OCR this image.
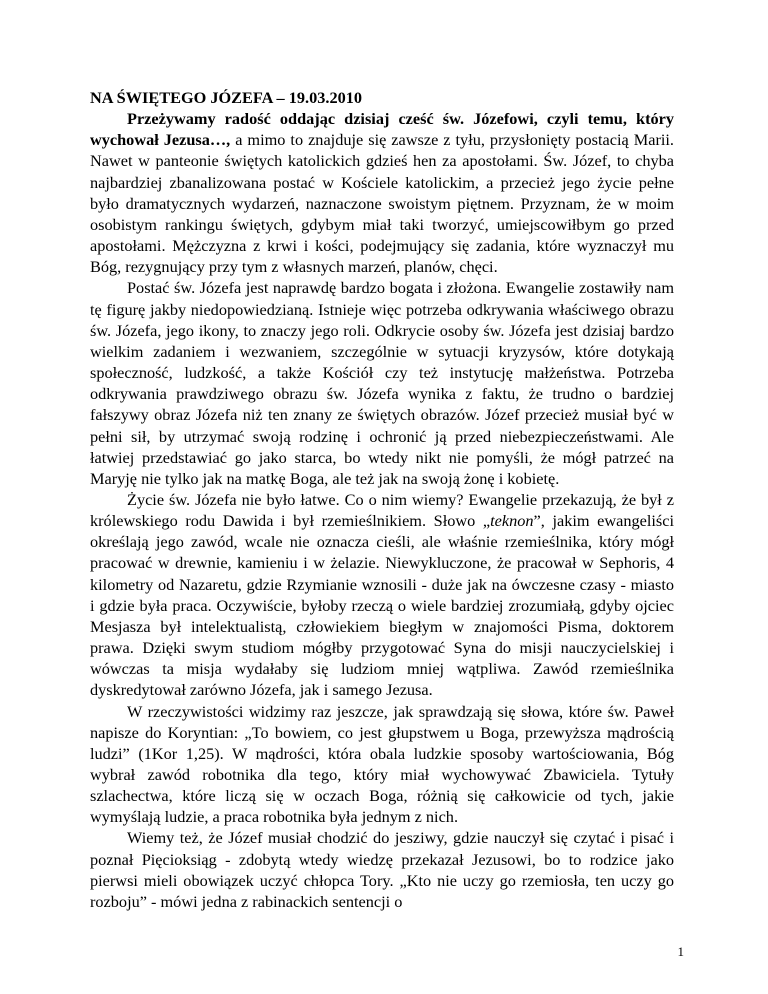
NA ŚWIĘTEGO JÓZEFA – 19.03.2010

Przeżywamy radość oddając dzisiaj cześć św. Józefowi, czyli temu, który wychował Jezusa…, a mimo to znajduje się zawsze z tyłu, przysłonięty postacią Marii. Nawet w panteonie świętych katolickich gdzieś hen za apostołami. Św. Józef, to chyba najbardziej zbanalizowana postać w Kościele katolickim, a przecież jego życie pełne było dramatycznych wydarzeń, naznaczone swoistym piętnem. Przyznam, że w moim osobistym rankingu świętych, gdybym miał taki tworzyć, umiejscowiłbym go przed apostołami. Mężczyzna z krwi i kości, podejmujący się zadania, które wyznaczył mu Bóg, rezygnujący przy tym z własnych marzeń, planów, chęci.

Postać św. Józefa jest naprawdę bardzo bogata i złożona. Ewangelie zostawiły nam tę figurę jakby niedopowiedzianą. Istnieje więc potrzeba odkrywania właściwego obrazu św. Józefa, jego ikony, to znaczy jego roli. Odkrycie osoby św. Józefa jest dzisiaj bardzo wielkim zadaniem i wezwaniem, szczególnie w sytuacji kryzysów, które dotykają społeczność, ludzkość, a także Kościół czy też instytucję małżeństwa. Potrzeba odkrywania prawdziwego obrazu św. Józefa wynika z faktu, że trudno o bardziej fałszywy obraz Józefa niż ten znany ze świętych obrazów. Józef przecież musiał być w pełni sił, by utrzymać swoją rodzinę i ochronić ją przed niebezpieczeństwami. Ale łatwiej przedstawiać go jako starca, bo wtedy nikt nie pomyśli, że mógł patrzeć na Maryję nie tylko jak na matkę Boga, ale też jak na swoją żonę i kobietę.

Życie św. Józefa nie było łatwe. Co o nim wiemy? Ewangelie przekazują, że był z królewskiego rodu Dawida i był rzemieślnikiem. Słowo „teknon”, jakim ewangeliści określają jego zawód, wcale nie oznacza cieśli, ale właśnie rzemieślnika, który mógł pracować w drewnie, kamieniu i w żelazie. Niewykluczone, że pracował w Sephoris, 4 kilometry od Nazaretu, gdzie Rzymianie wznosili - duże jak na ówczesne czasy - miasto i gdzie była praca. Oczywiście, byłoby rzeczą o wiele bardziej zrozumiałą, gdyby ojciec Mesjasza był intelektualistą, człowiekiem biegłym w znajomości Pisma, doktorem prawa. Dzięki swym studiom mógłby przygotować Syna do misji nauczycielskiej i wówczas ta misja wydałaby się ludziom mniej wątpliwa. Zawód rzemieślnika dyskredytował zarówno Józefa, jak i samego Jezusa.

W rzeczywistości widzimy raz jeszcze, jak sprawdzają się słowa, które św. Paweł napisze do Koryntian: „To bowiem, co jest głupstwem u Boga, przewyższa mądrością ludzi” (1Kor 1,25). W mądrości, która obala ludzkie sposoby wartościowania, Bóg wybrał zawód robotnika dla tego, który miał wychowywać Zbawiciela. Tytuły szlachectwa, które liczą się w oczach Boga, różnią się całkowicie od tych, jakie wymyślają ludzie, a praca robotnika była jednym z nich.

Wiemy też, że Józef musiał chodzić do jesziwy, gdzie nauczył się czytać i pisać i poznał Pięcioksiąg - zdobytą wtedy wiedzę przekazał Jezusowi, bo to rodzice jako pierwsi mieli obowiązek uczyć chłopca Tory. „Kto nie uczy go rzemiosła, ten uczy go rozboju” - mówi jedna z rabinackich sentencji o

1
